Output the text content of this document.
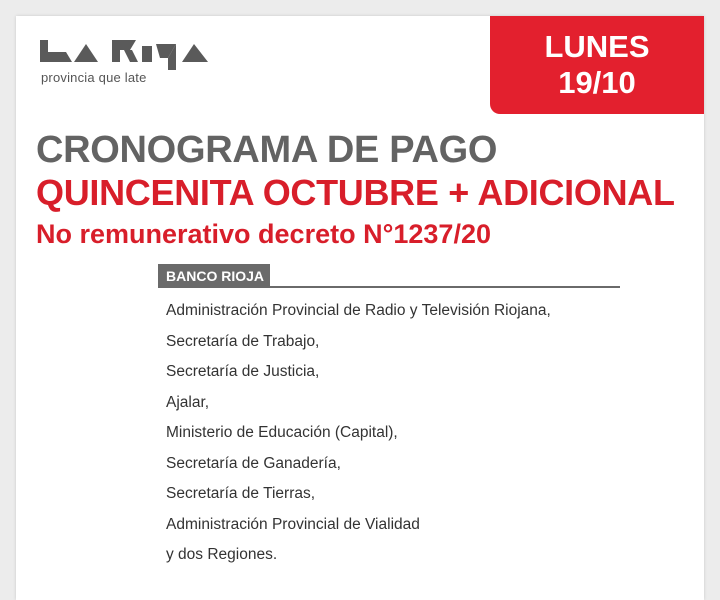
provincia que late
LUNES
19/10
CRONOGRAMA DE PAGO
QUINCENITA OCTUBRE + ADICIONAL
No remunerativo decreto N°1237/20
BANCO RIOJA
Administración Provincial de Radio y Televisión Riojana,
Secretaría de Trabajo,
Secretaría de Justicia,
Ajalar,
Ministerio de Educación (Capital),
Secretaría de Ganadería,
Secretaría de Tierras,
Administración Provincial de Vialidad
y dos Regiones.
